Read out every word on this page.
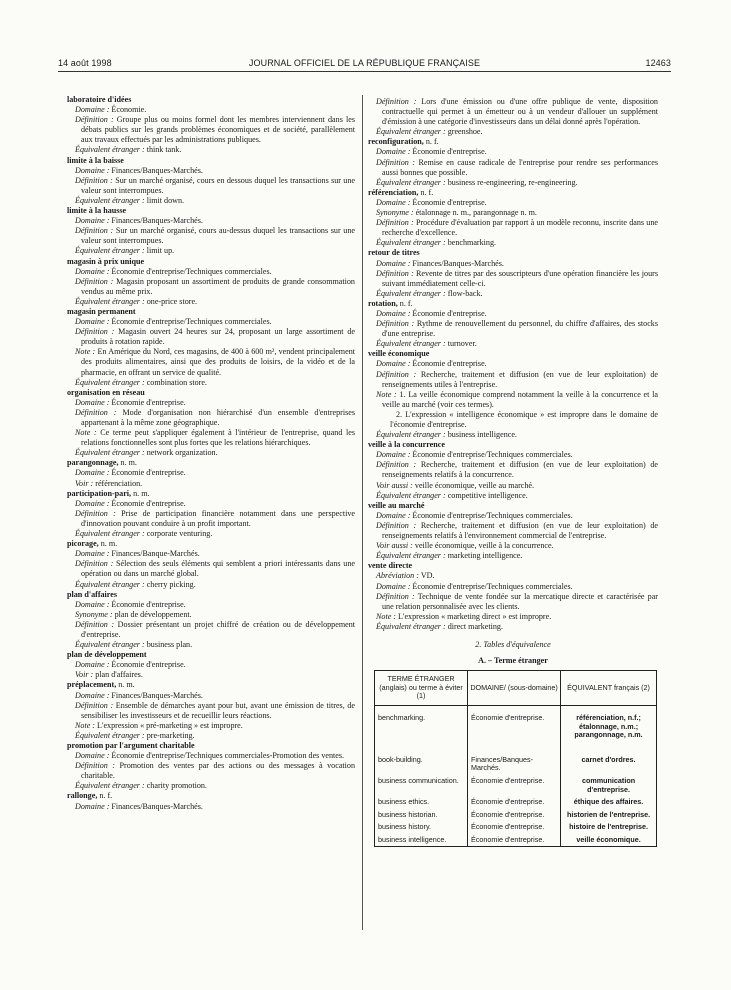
14 août 1998	JOURNAL OFFICIEL DE LA RÉPUBLIQUE FRANÇAISE	12463
laboratoire d'idées
Domaine : Économie.
Définition : Groupe plus ou moins formel dont les membres interviennent dans les débats publics sur les grands problèmes économiques et de société, parallèlement aux travaux effectués par les administrations publiques.
Équivalent étranger : think tank.
limite à la baisse
Domaine : Finances/Banques-Marchés.
Définition : Sur un marché organisé, cours en dessous duquel les transactions sur une valeur sont interrompues.
Équivalent étranger : limit down.
limite à la hausse
Domaine : Finances/Banques-Marchés.
Définition : Sur un marché organisé, cours au-dessus duquel les transactions sur une valeur sont interrompues.
Équivalent étranger : limit up.
magasin à prix unique
Domaine : Économie d'entreprise/Techniques commerciales.
Définition : Magasin proposant un assortiment de produits de grande consommation vendus au même prix.
Équivalent étranger : one-price store.
magasin permanent
Domaine : Économie d'entreprise/Techniques commerciales.
Définition : Magasin ouvert 24 heures sur 24, proposant un large assortiment de produits à rotation rapide.
Note : En Amérique du Nord, ces magasins, de 400 à 600 m², vendent principalement des produits alimentaires, ainsi que des produits de loisirs, de la vidéo et de la pharmacie, en offrant un service de qualité.
Équivalent étranger : combination store.
organisation en réseau
Domaine : Économie d'entreprise.
Définition : Mode d'organisation non hiérarchisé d'un ensemble d'entreprises appartenant à la même zone géographique.
Note : Ce terme peut s'appliquer également à l'intérieur de l'entreprise, quand les relations fonctionnelles sont plus fortes que les relations hiérarchiques.
Équivalent étranger : network organization.
parangonnage, n. m.
Domaine : Économie d'entreprise.
Voir : référenciation.
participation-pari, n. m.
Domaine : Économie d'entreprise.
Définition : Prise de participation financière notamment dans une perspective d'innovation pouvant conduire à un profit important.
Équivalent étranger : corporate venturing.
picorage, n. m.
Domaine : Finances/Banque-Marchés.
Définition : Sélection des seuls éléments qui semblent a priori intéressants dans une opération ou dans un marché global.
Équivalent étranger : cherry picking.
plan d'affaires
Domaine : Économie d'entreprise.
Synonyme : plan de développement.
Définition : Dossier présentant un projet chiffré de création ou de développement d'entreprise.
Équivalent étranger : business plan.
plan de développement
Domaine : Économie d'entreprise.
Voir : plan d'affaires.
préplacement, n. m.
Domaine : Finances/Banques-Marchés.
Définition : Ensemble de démarches ayant pour but, avant une émission de titres, de sensibiliser les investisseurs et de recueillir leurs réactions.
Note : L'expression « pré-marketing » est impropre.
Équivalent étranger : pre-marketing.
promotion par l'argument charitable
Domaine : Économie d'entreprise/Techniques commerciales-Promotion des ventes.
Définition : Promotion des ventes par des actions ou des messages à vocation charitable.
Équivalent étranger : charity promotion.
rallonge, n. f.
Domaine : Finances/Banques-Marchés.
Définition : Lors d'une émission ou d'une offre publique de vente, disposition contractuelle qui permet à un émetteur ou à un vendeur d'allouer un supplément d'émission à une catégorie d'investisseurs dans un délai donné après l'opération.
Équivalent étranger : greenshoe.
reconfiguration, n. f.
Domaine : Économie d'entreprise.
Définition : Remise en cause radicale de l'entreprise pour rendre ses performances aussi bonnes que possible.
Équivalent étranger : business re-engineering, re-engineering.
référenciation, n. f.
Domaine : Économie d'entreprise.
Synonyme : étalonnage n. m., parangonnage n. m.
Définition : Procédure d'évaluation par rapport à un modèle reconnu, inscrite dans une recherche d'excellence.
Équivalent étranger : benchmarking.
retour de titres
Domaine : Finances/Banques-Marchés.
Définition : Revente de titres par des souscripteurs d'une opération financière les jours suivant immédiatement celle-ci.
Équivalent étranger : flow-back.
rotation, n. f.
Domaine : Économie d'entreprise.
Définition : Rythme de renouvellement du personnel, du chiffre d'affaires, des stocks d'une entreprise.
Équivalent étranger : turnover.
veille économique
Domaine : Économie d'entreprise.
Définition : Recherche, traitement et diffusion (en vue de leur exploitation) de renseignements utiles à l'entreprise.
Note : 1. La veille économique comprend notamment la veille à la concurrence et la veille au marché (voir ces termes).
2. L'expression « intelligence économique » est impropre dans le domaine de l'économie d'entreprise.
Équivalent étranger : business intelligence.
veille à la concurrence
Domaine : Économie d'entreprise/Techniques commerciales.
Définition : Recherche, traitement et diffusion (en vue de leur exploitation) de renseignements relatifs à la concurrence.
Voir aussi : veille économique, veille au marché.
Équivalent étranger : competitive intelligence.
veille au marché
Domaine : Économie d'entreprise/Techniques commerciales.
Définition : Recherche, traitement et diffusion (en vue de leur exploitation) de renseignements relatifs à l'environnement commercial de l'entreprise.
Voir aussi : veille économique, veille à la concurrence.
Équivalent étranger : marketing intelligence.
vente directe
Abréviation : VD.
Domaine : Économie d'entreprise/Techniques commerciales.
Définition : Technique de vente fondée sur la mercatique directe et caractérisée par une relation personnalisée avec les clients.
Note : L'expression « marketing direct » est impropre.
Équivalent étranger : direct marketing.
2. Tables d'équivalence
A. – Terme étranger
TERME ÉTRANGER (anglais) ou terme à éviter (1)	DOMAINE/ (sous-domaine)	ÉQUIVALENT français (2)
benchmarking.	Économie d'entreprise.	référenciation, n.f.; étalonnage, n.m.; parangonnage, n.m.

book-building.	Finances/Banques-Marchés.	carnet d'ordres.
business communication.	Économie d'entreprise.	communication d'entreprise.
business ethics.	Économie d'entreprise.	éthique des affaires.
business historian.	Économie d'entreprise.	historien de l'entreprise.
business history.	Économie d'entreprise.	histoire de l'entreprise.
business intelligence.	Économie d'entreprise.	veille économique.
